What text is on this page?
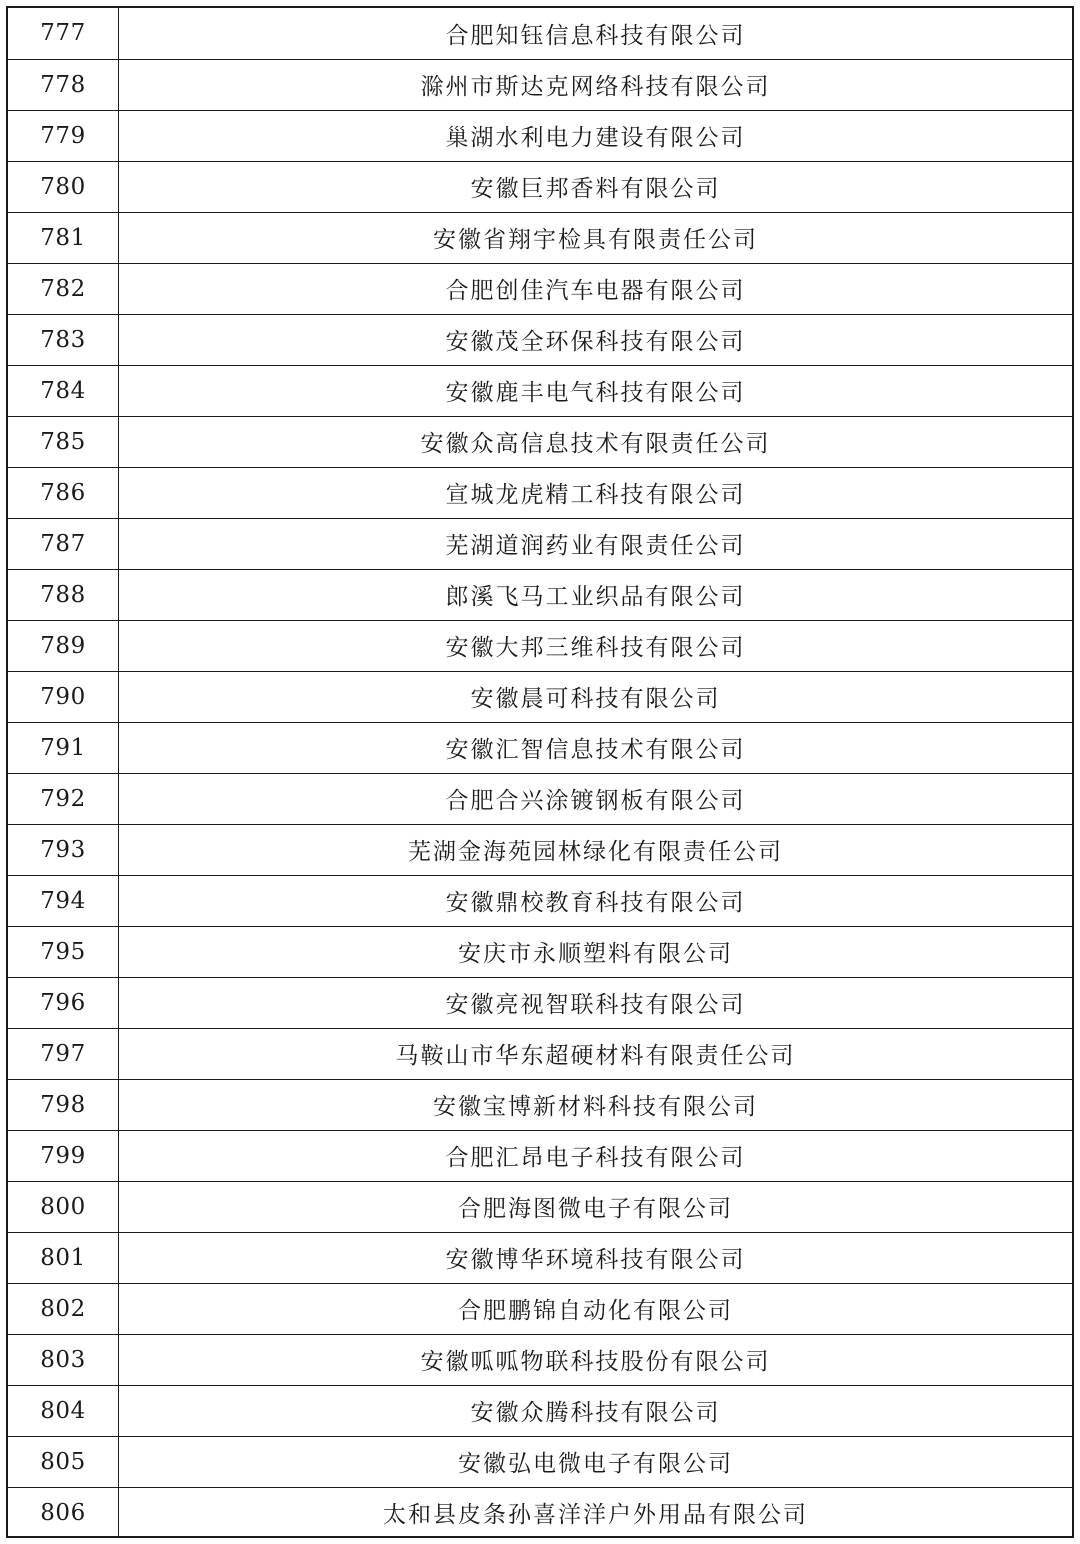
777	合肥知钰信息科技有限公司
778	滁州市斯达克网络科技有限公司
779	巢湖水利电力建设有限公司
780	安徽巨邦香料有限公司
781	安徽省翔宇检具有限责任公司
782	合肥创佳汽车电器有限公司
783	安徽茂全环保科技有限公司
784	安徽鹿丰电气科技有限公司
785	安徽众高信息技术有限责任公司
786	宣城龙虎精工科技有限公司
787	芜湖道润药业有限责任公司
788	郎溪飞马工业织品有限公司
789	安徽大邦三维科技有限公司
790	安徽晨可科技有限公司
791	安徽汇智信息技术有限公司
792	合肥合兴涂镀钢板有限公司
793	芜湖金海苑园林绿化有限责任公司
794	安徽鼎校教育科技有限公司
795	安庆市永顺塑料有限公司
796	安徽亮视智联科技有限公司
797	马鞍山市华东超硬材料有限责任公司
798	安徽宝博新材料科技有限公司
799	合肥汇昂电子科技有限公司
800	合肥海图微电子有限公司
801	安徽博华环境科技有限公司
802	合肥鹏锦自动化有限公司
803	安徽呱呱物联科技股份有限公司
804	安徽众腾科技有限公司
805	安徽弘电微电子有限公司
806	太和县皮条孙喜洋洋户外用品有限公司
